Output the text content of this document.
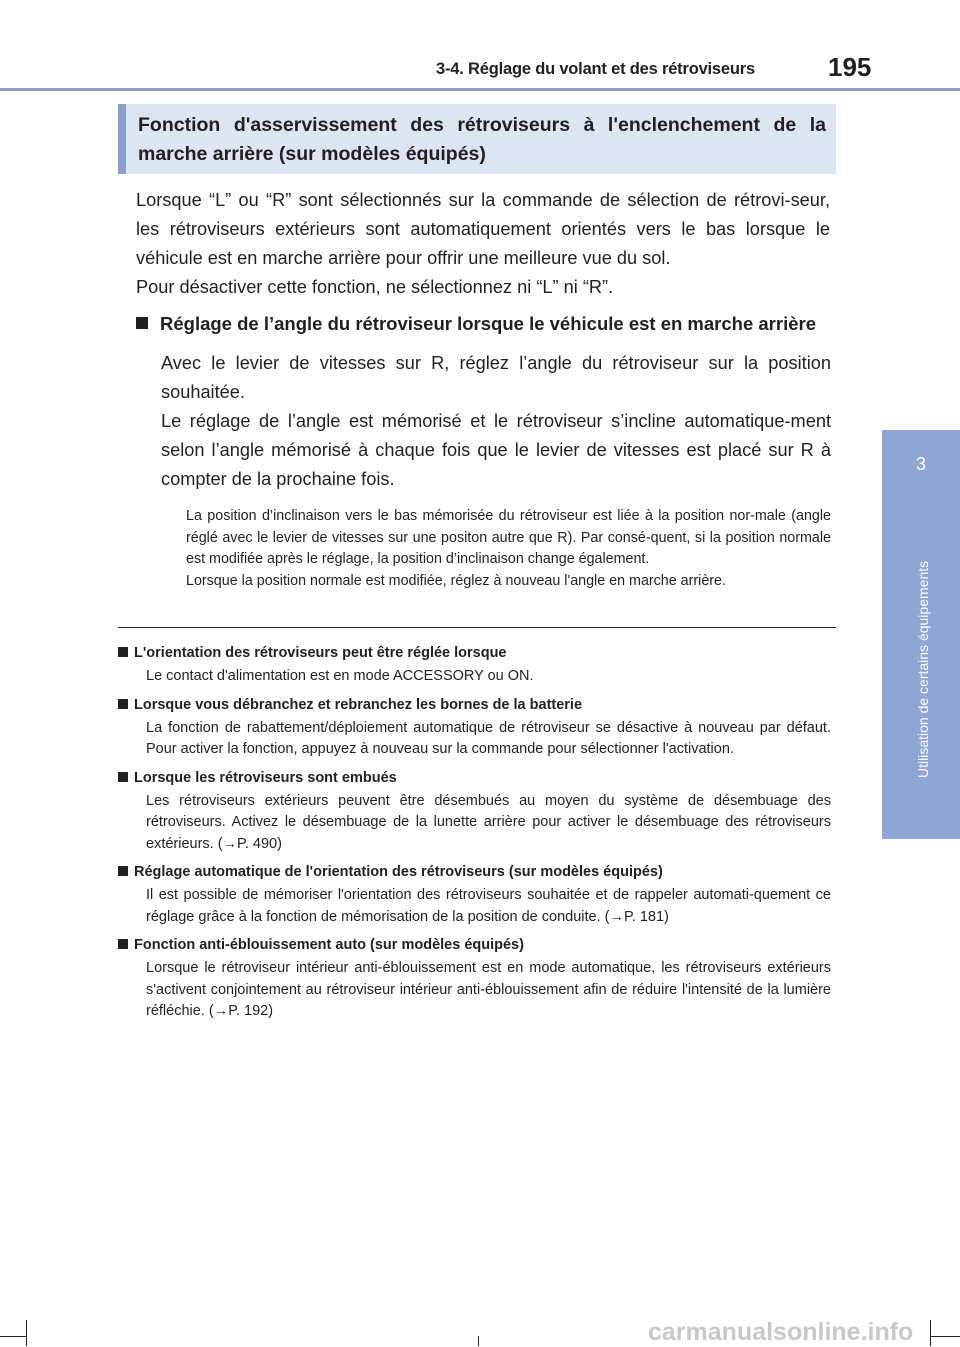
3-4. Réglage du volant et des rétroviseurs	195
3
Utilisation de certains équipements
Fonction d'asservissement des rétroviseurs à l'enclenchement de la marche arrière (sur modèles équipés)

Lorsque “L” ou “R” sont sélectionnés sur la commande de sélection de rétrovi-seur, les rétroviseurs extérieurs sont automatiquement orientés vers le bas lorsque le véhicule est en marche arrière pour offrir une meilleure vue du sol.

Pour désactiver cette fonction, ne sélectionnez ni “L” ni “R”.

Réglage de l’angle du rétroviseur lorsque le véhicule est en marche arrière

Avec le levier de vitesses sur R, réglez l’angle du rétroviseur sur la position souhaitée.

Le réglage de l’angle est mémorisé et le rétroviseur s’incline automatique-ment selon l’angle mémorisé à chaque fois que le levier de vitesses est placé sur R à compter de la prochaine fois.

La position d’inclinaison vers le bas mémorisée du rétroviseur est liée à la position nor-male (angle réglé avec le levier de vitesses sur une positon autre que R). Par consé-quent, si la position normale est modifiée après le réglage, la position d’inclinaison change également.

Lorsque la position normale est modifiée, réglez à nouveau l'angle en marche arrière.

L'orientation des rétroviseurs peut être réglée lorsque
Le contact d'alimentation est en mode ACCESSORY ou ON.
Lorsque vous débranchez et rebranchez les bornes de la batterie
La fonction de rabattement/déploiement automatique de rétroviseur se désactive à nouveau par défaut. Pour activer la fonction, appuyez à nouveau sur la commande pour sélectionner l'activation.
Lorsque les rétroviseurs sont embués
Les rétroviseurs extérieurs peuvent être désembués au moyen du système de désembuage des rétroviseurs. Activez le désembuage de la lunette arrière pour activer le désembuage des rétroviseurs extérieurs. (→P. 490)
Réglage automatique de l'orientation des rétroviseurs (sur modèles équipés)
Il est possible de mémoriser l'orientation des rétroviseurs souhaitée et de rappeler automati-quement ce réglage grâce à la fonction de mémorisation de la position de conduite. (→P. 181)
Fonction anti-éblouissement auto (sur modèles équipés)
Lorsque le rétroviseur intérieur anti-éblouissement est en mode automatique, les rétroviseurs extérieurs s'activent conjointement au rétroviseur intérieur anti-éblouissement afin de réduire l'intensité de la lumière réfléchie. (→P. 192)
carmanualsonline.info
